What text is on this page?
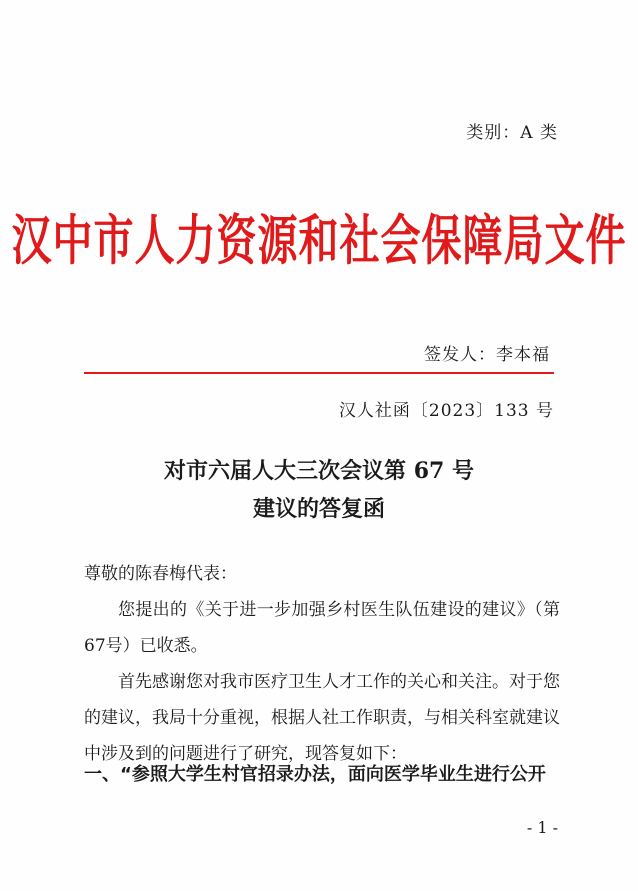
类别：A 类
汉中市人力资源和社会保障局文件
签发人：李本福
汉人社函〔2023〕133 号
对市六届人大三次会议第 67 号
建议的答复函

尊敬的陈春梅代表：

您提出的《关于进一步加强乡村医生队伍建设的建议》（第67号）已收悉。

首先感谢您对我市医疗卫生人才工作的关心和关注。对于您的建议，我局十分重视，根据人社工作职责，与相关科室就建议中涉及到的问题进行了研究，现答复如下：

一、“参照大学生村官招录办法，面向医学毕业生进行公开
- 1 -
